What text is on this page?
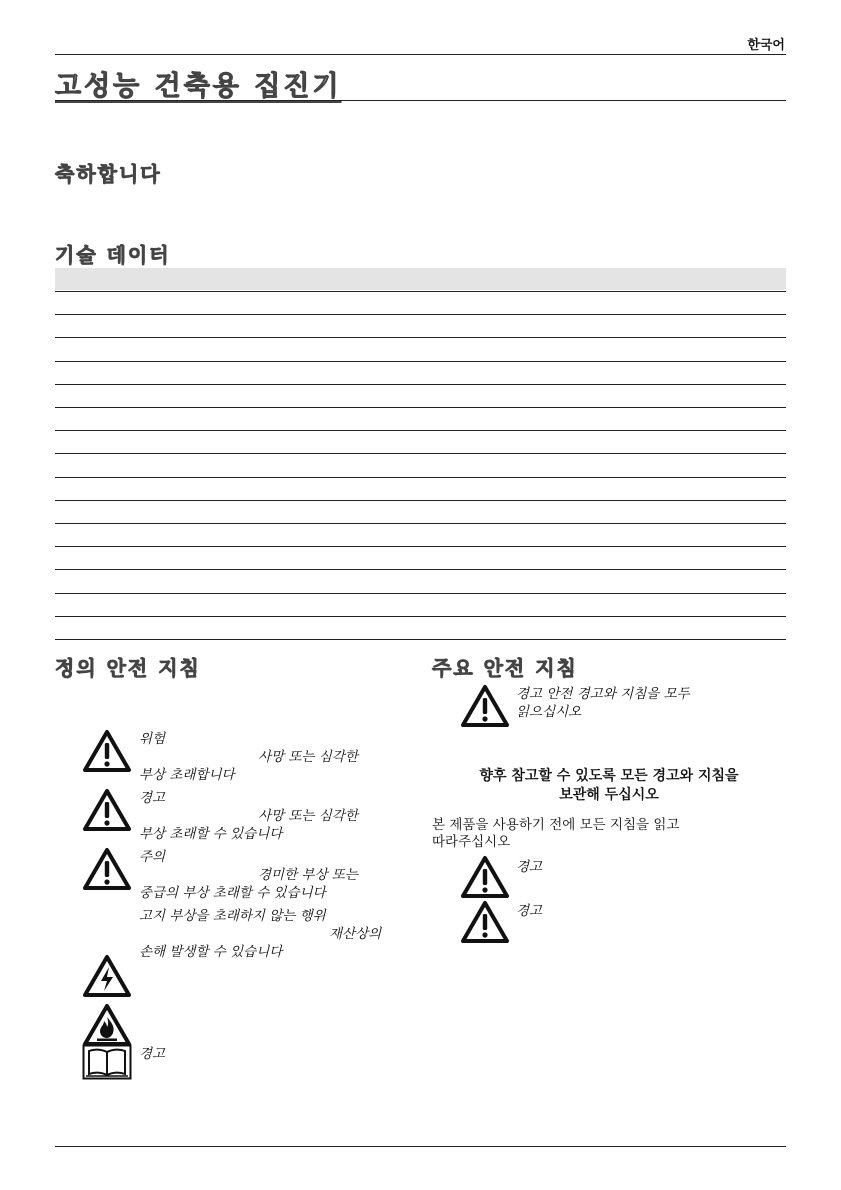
한국어
고성능 건축용 집진기
축하합니다
기술 데이터
정의 안전 지침
위험
사망 또는 심각한
부상 초래합니다
경고
사망 또는 심각한
부상 초래할 수 있습니다
주의
경미한 부상 또는
중급의 부상 초래할 수 있습니다
고지 부상을 초래하지 않는 행위
재산상의
손해 발생할 수 있습니다
경고
주요 안전 지침
경고 안전 경고와 지침을 모두
읽으십시오
향후 참고할 수 있도록 모든 경고와 지침을
보관해 두십시오
본 제품을 사용하기 전에 모든 지침을 읽고
따라주십시오
경고
경고
